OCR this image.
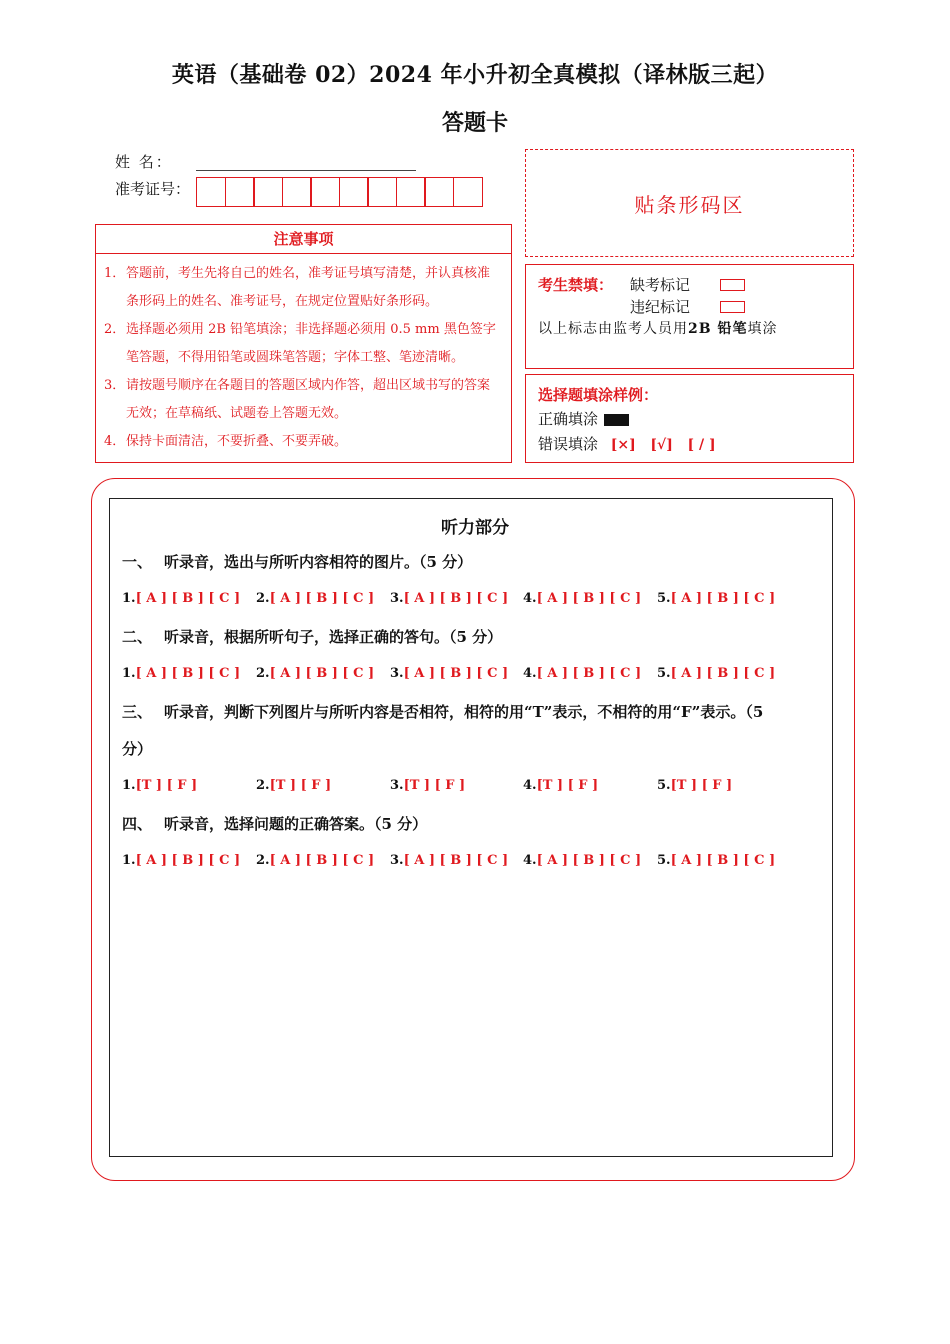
英语（基础卷 02）2024 年小升初全真模拟（译林版三起）
答题卡
姓 名：
准考证号：
贴条形码区
注意事项
1． 答题前，考生先将自己的姓名，准考证号填写清楚，并认真核准条形码上的姓名、准考证号，在规定位置贴好条形码。
2． 选择题必须用 2B 铅笔填涂；非选择题必须用 0.5 mm 黑色签字笔答题，不得用铅笔或圆珠笔答题；字体工整、笔迹清晰。
3． 请按题号顺序在各题目的答题区域内作答，超出区域书写的答案无效；在草稿纸、试题卷上答题无效。
4． 保持卡面清洁，不要折叠、不要弄破。
考生禁填：	缺考标记
违纪标记
以上标志由监考人员用 2B 铅笔 填涂
选择题填涂样例：
正确填涂
错误填涂 [×]   [√]   [ / ]
听力部分
一、 听录音，选出与所听内容相符的图片。（5 分）
1.[ A ] [ B ] [ C ] 2.[ A ] [ B ] [ C ] 3.[ A ] [ B ] [ C ] 4.[ A ] [ B ] [ C ] 5.[ A ] [ B ] [ C ]
二、 听录音，根据所听句子，选择正确的答句。（5 分）
1.[ A ] [ B ] [ C ] 2.[ A ] [ B ] [ C ] 3.[ A ] [ B ] [ C ] 4.[ A ] [ B ] [ C ] 5.[ A ] [ B ] [ C ]
三、 听录音，判断下列图片与所听内容是否相符，相符的用“T”表示，不相符的用“F”表示。（5
分）
1.[T ] [ F ]	2.[T ] [ F ]	3.[T ] [ F ]	4.[T ] [ F ]	5.[T ] [ F ]
四、 听录音，选择问题的正确答案。（5 分）
1.[ A ] [ B ] [ C ] 2.[ A ] [ B ] [ C ] 3.[ A ] [ B ] [ C ] 4.[ A ] [ B ] [ C ] 5.[ A ] [ B ] [ C ]
